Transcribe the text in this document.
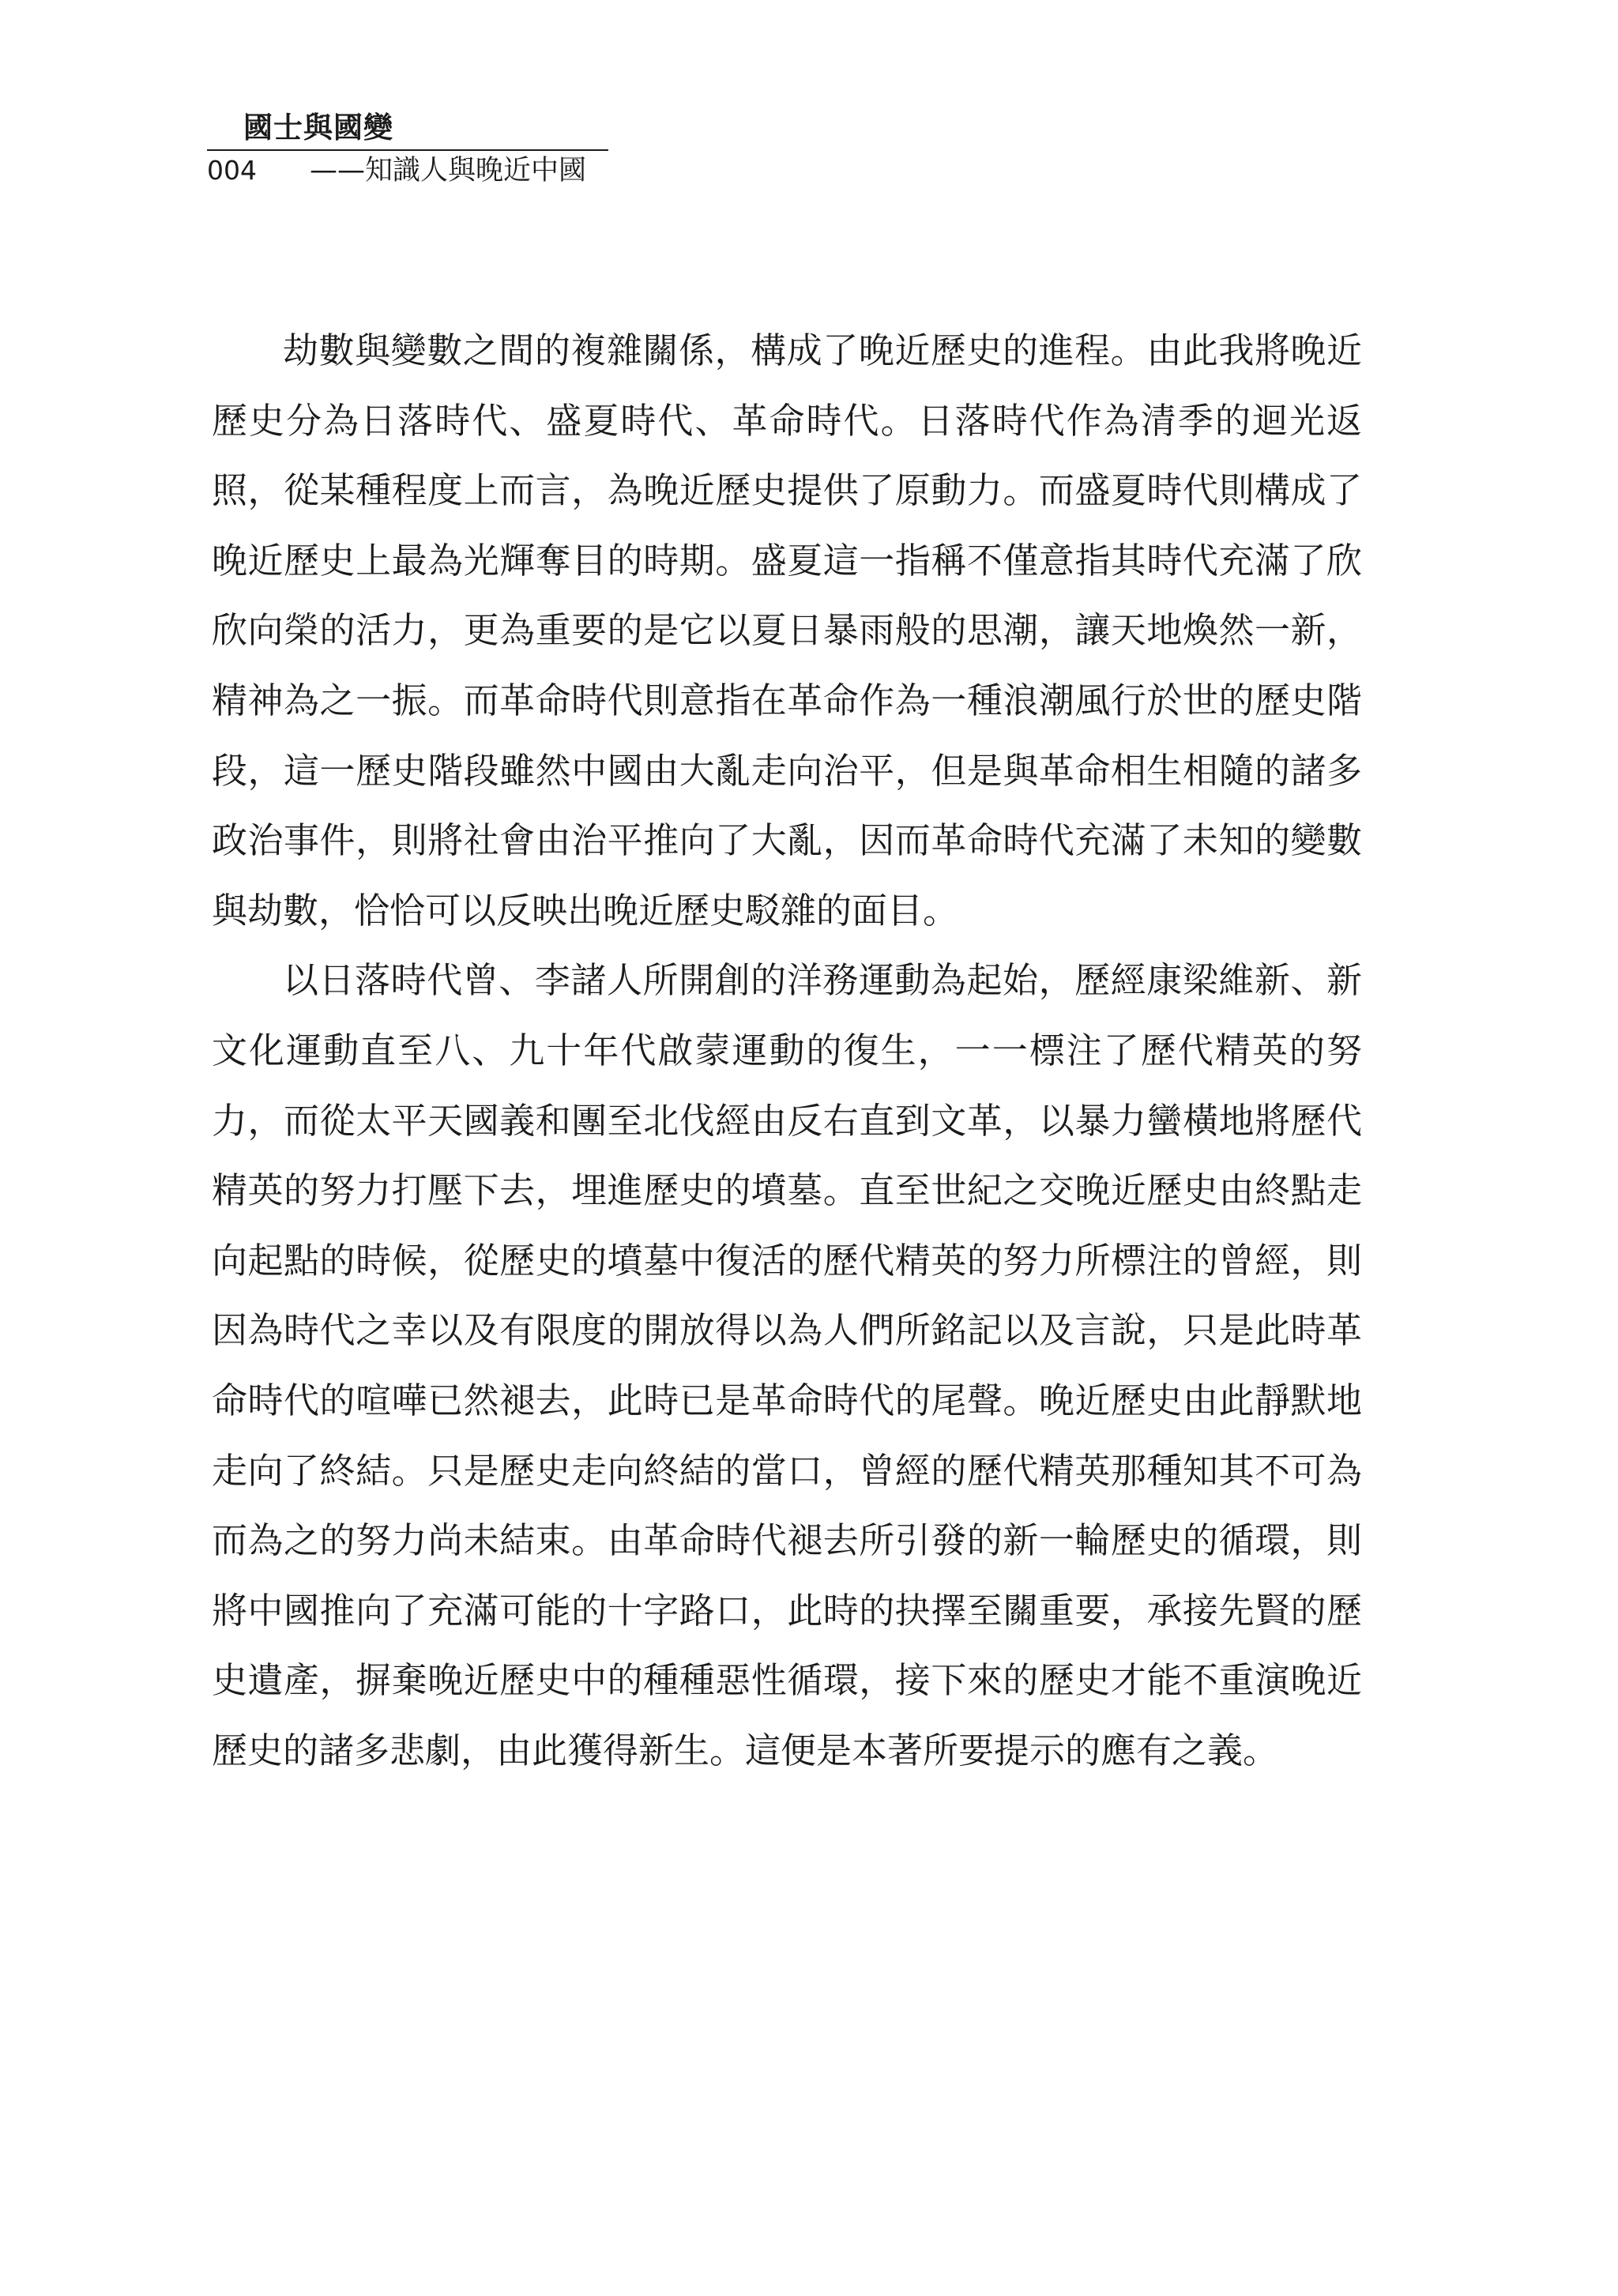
國士與國變
004 ——知識人與晚近中國

劫數與變數之間的複雜關係，構成了晚近歷史的進程。由此我將晚近歷史分為日落時代、盛夏時代、革命時代。日落時代作為清季的迴光返照，從某種程度上而言，為晚近歷史提供了原動力。而盛夏時代則構成了晚近歷史上最為光輝奪目的時期。盛夏這一指稱不僅意指其時代充滿了欣欣向榮的活力，更為重要的是它以夏日暴雨般的思潮，讓天地煥然一新，精神為之一振。而革命時代則意指在革命作為一種浪潮風行於世的歷史階段，這一歷史階段雖然中國由大亂走向治平，但是與革命相生相隨的諸多政治事件，則將社會由治平推向了大亂，因而革命時代充滿了未知的變數與劫數，恰恰可以反映出晚近歷史駁雜的面目。

以日落時代曾、李諸人所開創的洋務運動為起始，歷經康梁維新、新文化運動直至八、九十年代啟蒙運動的復生，一一標注了歷代精英的努力，而從太平天國義和團至北伐經由反右直到文革，以暴力蠻橫地將歷代精英的努力打壓下去，埋進歷史的墳墓。直至世紀之交晚近歷史由終點走向起點的時候，從歷史的墳墓中復活的歷代精英的努力所標注的曾經，則因為時代之幸以及有限度的開放得以為人們所銘記以及言說，只是此時革命時代的喧嘩已然褪去，此時已是革命時代的尾聲。晚近歷史由此靜默地走向了終結。只是歷史走向終結的當口，曾經的歷代精英那種知其不可為而為之的努力尚未結束。由革命時代褪去所引發的新一輪歷史的循環，則將中國推向了充滿可能的十字路口，此時的抉擇至關重要，承接先賢的歷史遺產，摒棄晚近歷史中的種種惡性循環，接下來的歷史才能不重演晚近歷史的諸多悲劇，由此獲得新生。這便是本著所要提示的應有之義。
